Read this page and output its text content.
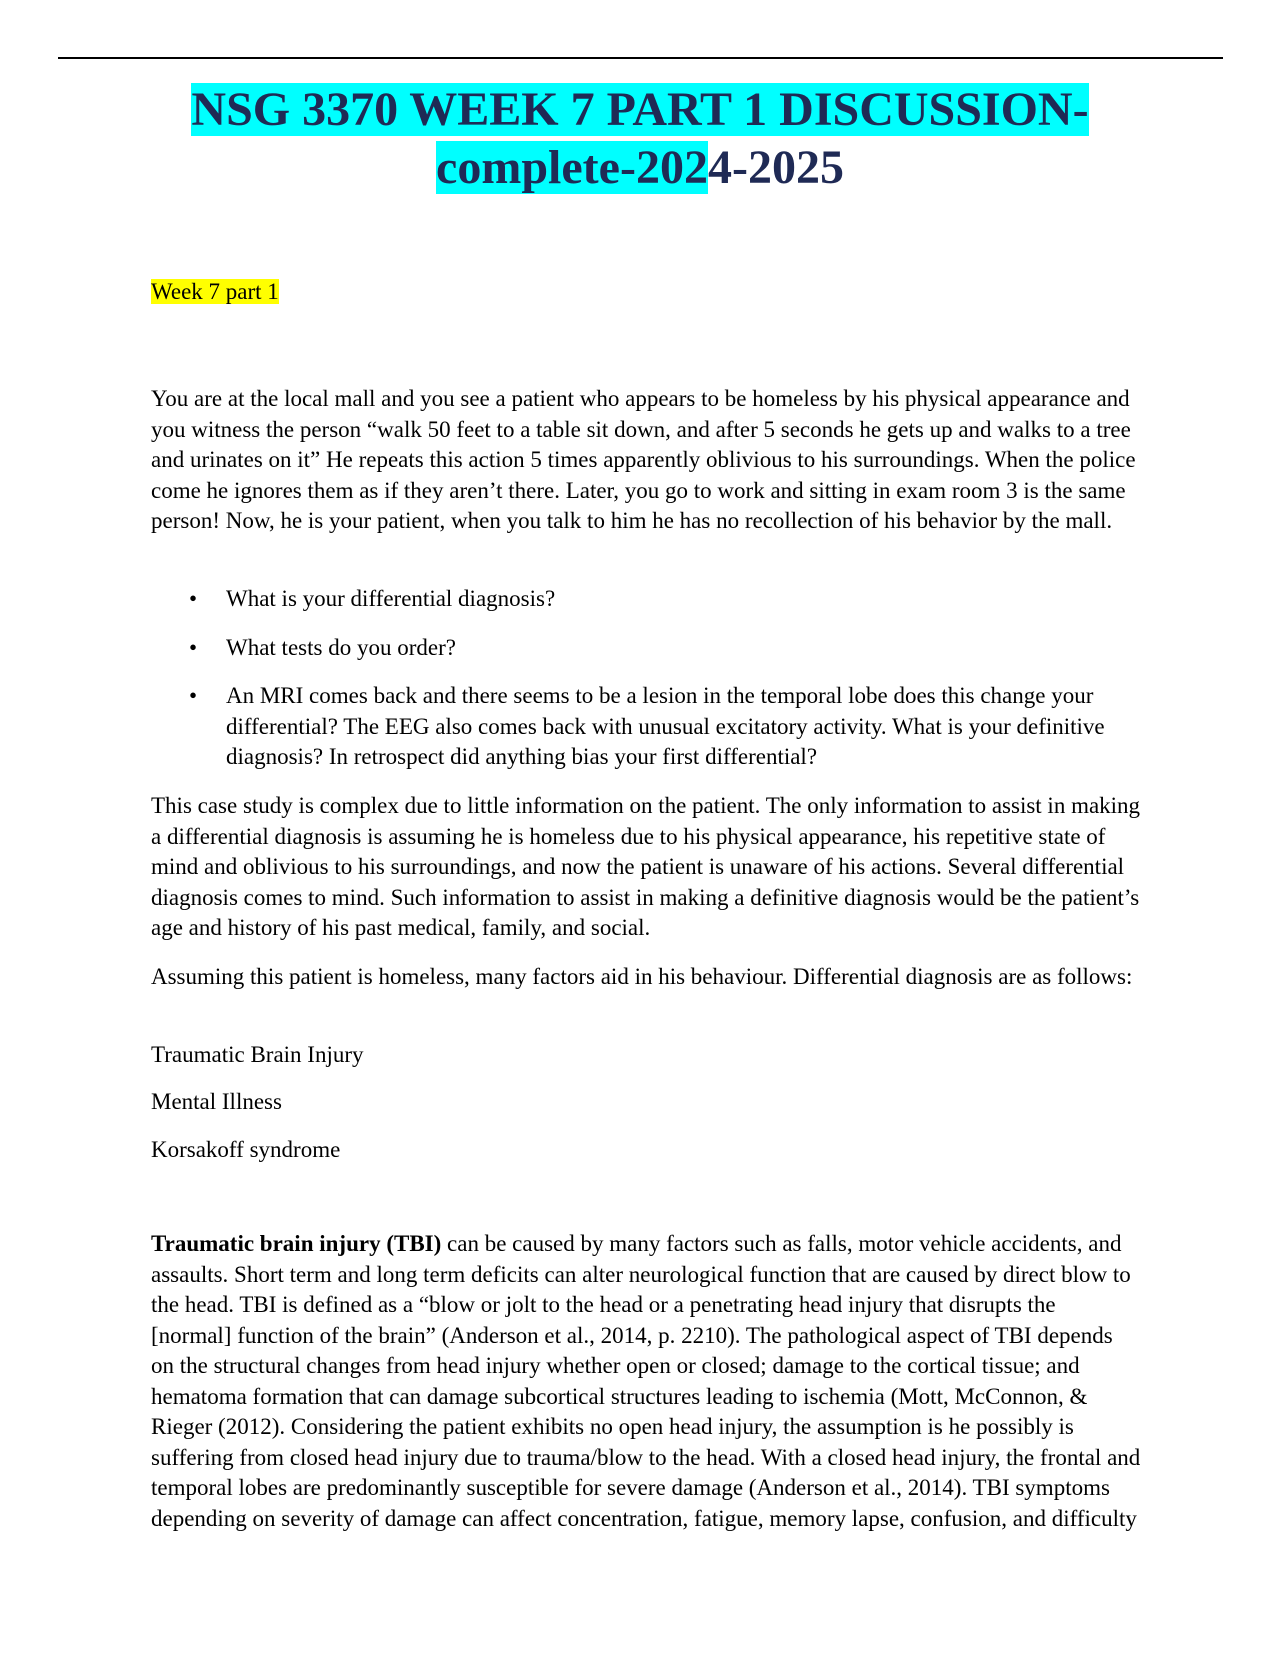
NSG 3370 WEEK 7 PART 1 DISCUSSION-
complete-2024-2025

Week 7 part 1

You are at the local mall and you see a patient who appears to be homeless by his physical appearance and you witness the person “walk 50 feet to a table sit down, and after 5 seconds he gets up and walks to a tree and urinates on it” He repeats this action 5 times apparently oblivious to his surroundings. When the police come he ignores them as if they aren’t there. Later, you go to work and sitting in exam room 3 is the same person! Now, he is your patient, when you talk to him he has no recollection of his behavior by the mall.

• What is your differential diagnosis?
• What tests do you order?
• An MRI comes back and there seems to be a lesion in the temporal lobe does this change your differential? The EEG also comes back with unusual excitatory activity. What is your definitive diagnosis? In retrospect did anything bias your first differential?

This case study is complex due to little information on the patient. The only information to assist in making a differential diagnosis is assuming he is homeless due to his physical appearance, his repetitive state of mind and oblivious to his surroundings, and now the patient is unaware of his actions. Several differential diagnosis comes to mind. Such information to assist in making a definitive diagnosis would be the patient’s age and history of his past medical, family, and social.

Assuming this patient is homeless, many factors aid in his behaviour. Differential diagnosis are as follows:

Traumatic Brain Injury

Mental Illness

Korsakoff syndrome

Traumatic brain injury (TBI) can be caused by many factors such as falls, motor vehicle accidents, and assaults. Short term and long term deficits can alter neurological function that are caused by direct blow to the head. TBI is defined as a “blow or jolt to the head or a penetrating head injury that disrupts the [normal] function of the brain” (Anderson et al., 2014, p. 2210). The pathological aspect of TBI depends on the structural changes from head injury whether open or closed; damage to the cortical tissue; and hematoma formation that can damage subcortical structures leading to ischemia (Mott, McConnon, & Rieger (2012). Considering the patient exhibits no open head injury, the assumption is he possibly is suffering from closed head injury due to trauma/blow to the head. With a closed head injury, the frontal and temporal lobes are predominantly susceptible for severe damage (Anderson et al., 2014). TBI symptoms depending on severity of damage can affect concentration, fatigue, memory lapse, confusion, and difficulty
